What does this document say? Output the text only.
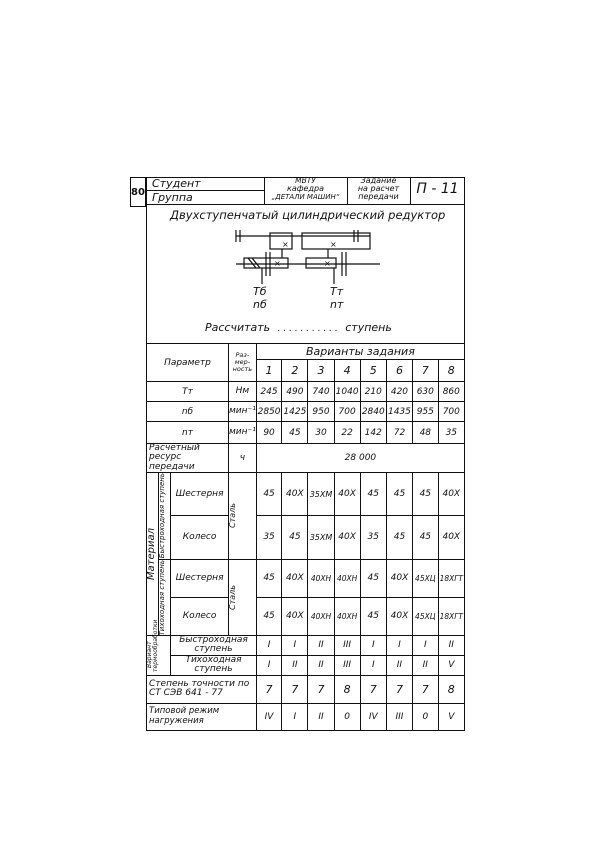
80
Студент
Группа
МВТУ
кафедра
„ДЕТАЛИ МАШИН“
Задание
на расчет
передачи	П - 11
Двухступенчатый цилиндрический редуктор
×	×
×	×
Tб
nб
Tт
nт
Рассчитать . . . . . . . . . . . ступень
Параметр			Раз- мер- ность	Варианты задания							
				1	2	3	4	5	6	7	8
Tт			Нм	245	490	740	1040	210	420	630	860
nб			мин⁻¹	2850	1425	950	700	2840	1435	955	700
nт			мин⁻¹	90	45	30	22	142	72	48	35
Расчетный ресурс передачи			ч	28 000							

Материал	Быстроходная ступень	Шестерня	Сталь	45	40X	35XM	40X	45	45	45	40X
		Колесо		35	45	35XM	40X	35	45	45	40X

	Тихоходная ступень	Шестерня	Сталь	45	40X	40XH	40XH	45	40X	45XЦ	18XГТ
		Колесо		45	40X	40XH	40XH	45	40X	45XЦ	18XГТ

Вариант термообработки		Быстроходная ступень		I	I	II	III	I	I	I	II
		Тихоходная ступень		I	II	II	III	I	II	II	V
Степень точности по СТ СЭВ 641 - 77				7	7	7	8	7	7	7	8
Типовой режим нагружения				IV	I	II	0	IV	III	0	V
